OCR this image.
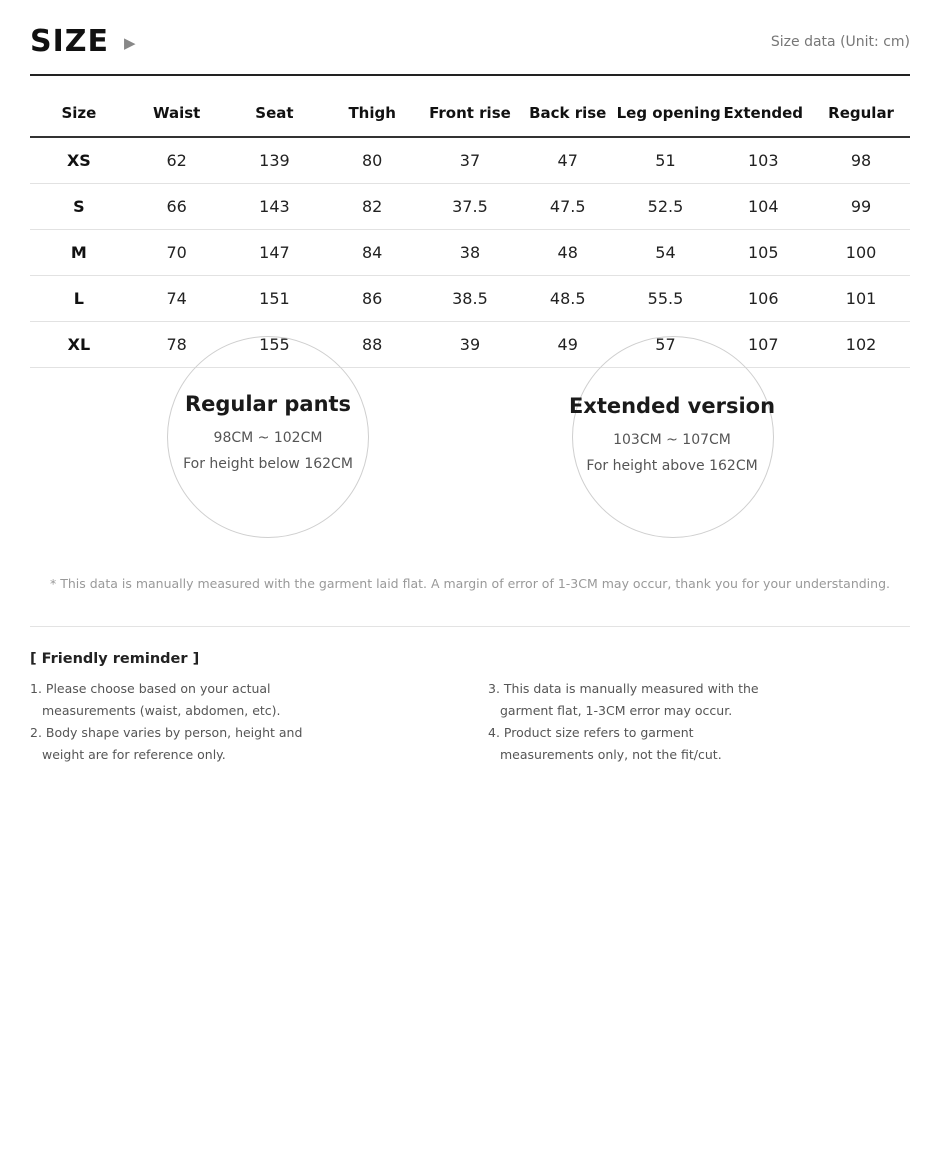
SIZE ▶	Size data (Unit: cm)
Size	Waist	Seat	Thigh	Front rise	Back rise	Leg opening	Extended	Regular
XS	62	139	80	37	47	51	103	98
S	66	143	82	37.5	47.5	52.5	104	99
M	70	147	84	38	48	54	105	100
L	74	151	86	38.5	48.5	55.5	106	101
XL	78	155	88	39	49	57	107	102
Regular pants
98CM ~ 102CM
For height below 162CM
Extended version
103CM ~ 107CM
For height above 162CM
* This data is manually measured with the garment laid flat. A margin of error of 1-3CM may occur, thank you for your understanding.
[ Friendly reminder ]
1. Please choose based on your actual measurements (waist, abdomen, etc).
2. Body shape varies by person, height and weight are for reference only.
3. This data is manually measured with the garment flat, 1-3CM error may occur.
4. Product size refers to garment measurements only, not the fit/cut.
